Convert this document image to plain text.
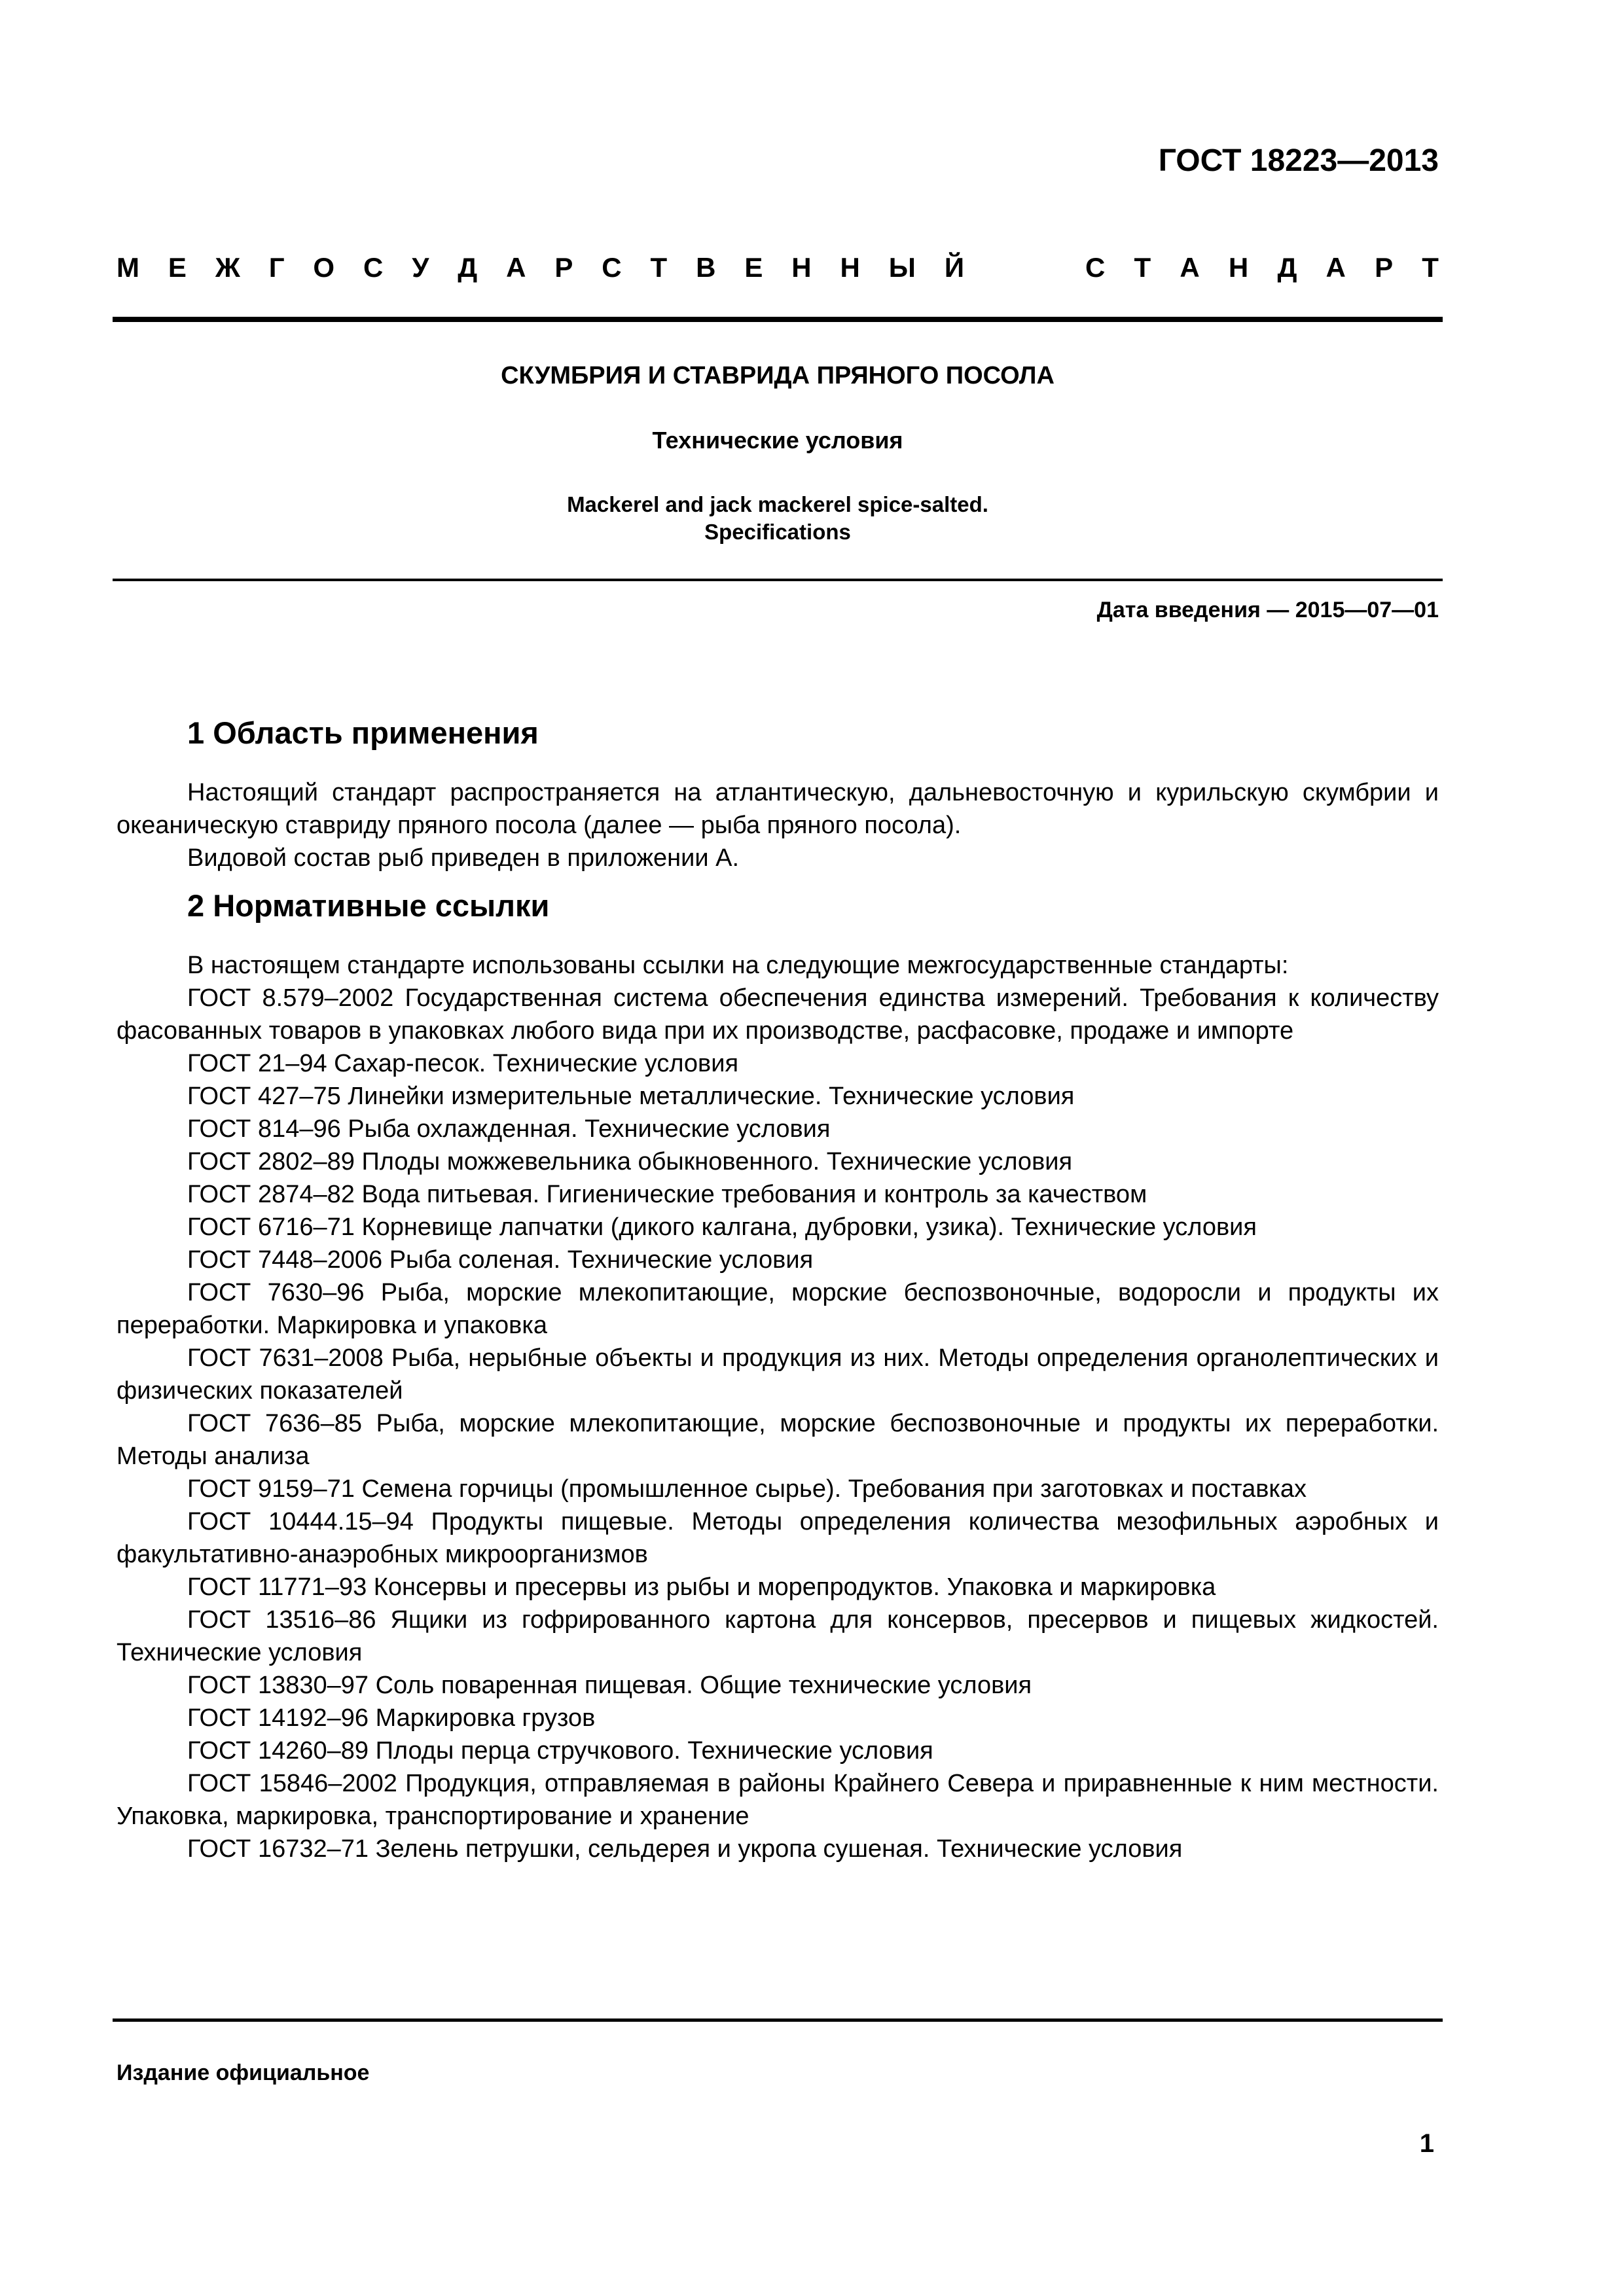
ГОСТ 18223—2013
М Е Ж Г О С У Д А Р С Т В Е Н Н Ы Й	С Т А Н Д А Р Т

СКУМБРИЯ И СТАВРИДА ПРЯНОГО ПОСОЛА

Технические условия

Mackerel and jack mackerel spice-salted.
Specifications

Дата введения — 2015—07—01
1 Область применения

Настоящий стандарт распространяется на атлантическую, дальневосточную и курильскую скумбрии и океаническую ставриду пряного посола (далее — рыба пряного посола).

Видовой состав рыб приведен в приложении А.

2 Нормативные ссылки

В настоящем стандарте использованы ссылки на следующие межгосударственные стандарты:

ГОСТ 8.579–2002 Государственная система обеспечения единства измерений. Требования к количеству фасованных товаров в упаковках любого вида при их производстве, расфасовке, продаже и импорте

ГОСТ 21–94 Сахар-песок. Технические условия

ГОСТ 427–75 Линейки измерительные металлические. Технические условия

ГОСТ 814–96 Рыба охлажденная. Технические условия

ГОСТ 2802–89 Плоды можжевельника обыкновенного. Технические условия

ГОСТ 2874–82 Вода питьевая. Гигиенические требования и контроль за качеством

ГОСТ 6716–71 Корневище лапчатки (дикого калгана, дубровки, узика). Технические условия

ГОСТ 7448–2006 Рыба соленая. Технические условия

ГОСТ 7630–96 Рыба, морские млекопитающие, морские беспозвоночные, водоросли и продукты их переработки. Маркировка и упаковка

ГОСТ 7631–2008 Рыба, нерыбные объекты и продукция из них. Методы определения органолептических и физических показателей

ГОСТ 7636–85 Рыба, морские млекопитающие, морские беспозвоночные и продукты их переработки. Методы анализа

ГОСТ 9159–71 Семена горчицы (промышленное сырье). Требования при заготовках и поставках

ГОСТ 10444.15–94 Продукты пищевые. Методы определения количества мезофильных аэробных и факультативно-анаэробных микроорганизмов

ГОСТ 11771–93 Консервы и пресервы из рыбы и морепродуктов. Упаковка и маркировка

ГОСТ 13516–86 Ящики из гофрированного картона для консервов, пресервов и пищевых жидкостей. Технические условия

ГОСТ 13830–97 Соль поваренная пищевая. Общие технические условия

ГОСТ 14192–96 Маркировка грузов

ГОСТ 14260–89 Плоды перца стручкового. Технические условия

ГОСТ 15846–2002 Продукция, отправляемая в районы Крайнего Севера и приравненные к ним местности. Упаковка, маркировка, транспортирование и хранение

ГОСТ 16732–71 Зелень петрушки, сельдерея и укропа сушеная. Технические условия

Издание официальное
1
